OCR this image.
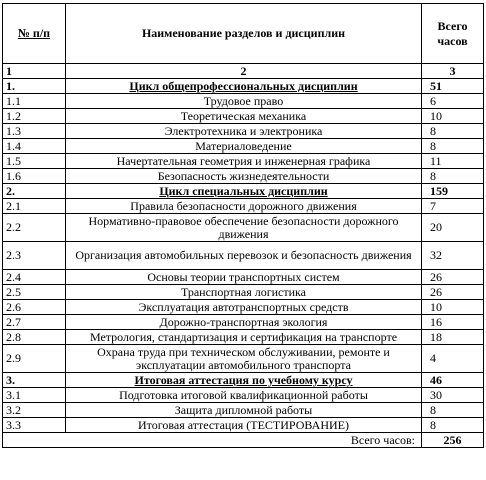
№ п/п	Наименование разделов и дисциплин	Всего
часов
1	2	3
1.	Цикл общепрофессиональных дисциплин	51
1.1	Трудовое право	6
1.2	Теоретическая механика	10
1.3	Электротехника и электроника	8
1.4	Материаловедение	8
1.5	Начертательная геометрия и инженерная графика	11
1.6	Безопасность жизнедеятельности	8
2.	Цикл специальных дисциплин	159
2.1	Правила безопасности дорожного движения	7
2.2	Нормативно-правовое обеспечение безопасности дорожного движения	20
2.3	Организация автомобильных перевозок и безопасность движения	32
2.4	Основы теории транспортных систем	26
2.5	Транспортная логистика	26
2.6	Эксплуатация автотранспортных средств	10
2.7	Дорожно-транспортная экология	16
2.8	Метрология, стандартизация и сертификация на транспорте	18
2.9	Охрана труда при техническом обслуживании, ремонте и эксплуатации автомобильного транспорта	4
3.	Итоговая аттестация по учебному курсу	46
3.1	Подготовка итоговой квалификационной работы	30
3.2	Защита дипломной работы	8
3.3	Итоговая аттестация (ТЕСТИРОВАНИЕ)	8
Всего часов:		256
